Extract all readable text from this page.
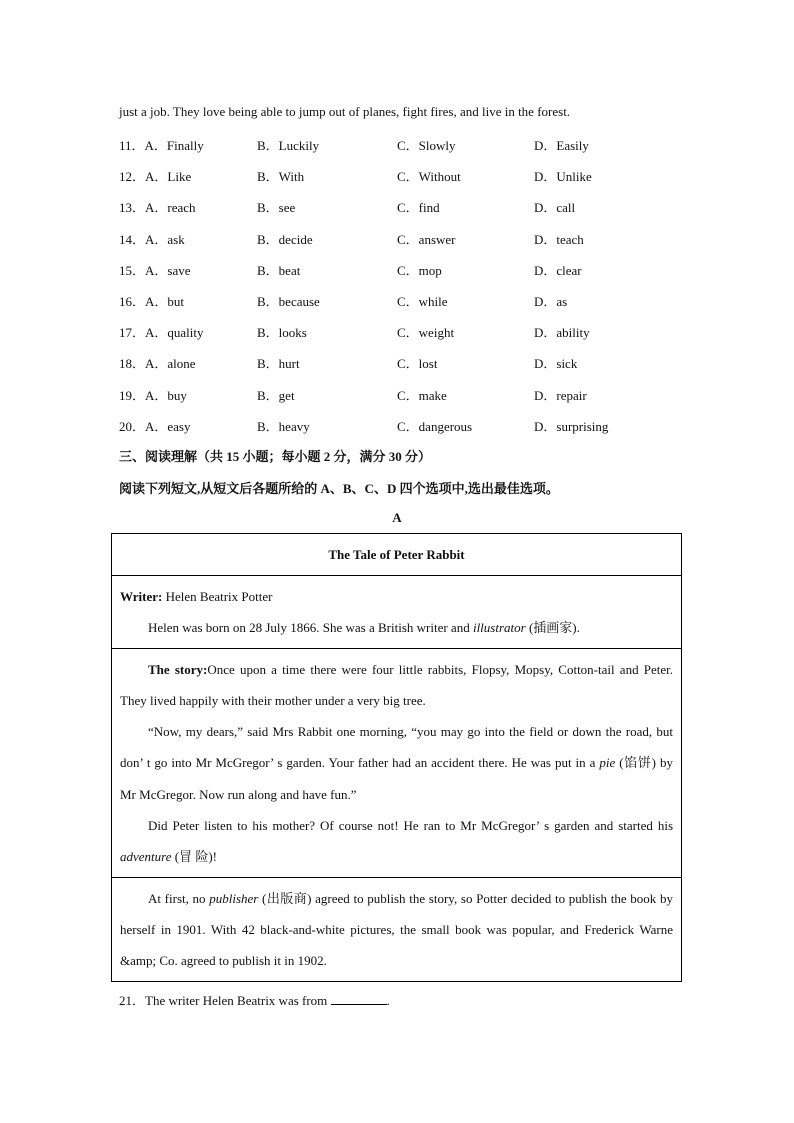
just a job. They love being able to jump out of planes, fight fires, and live in the forest.
11．A．Finally	B．Luckily	C．Slowly	D．Easily
12．A．Like	B．With	C．Without	D．Unlike
13．A．reach	B．see	C．find	D．call
14．A．ask	B．decide	C．answer	D．teach
15．A．save	B．beat	C．mop	D．clear
16．A．but	B．because	C．while	D．as
17．A．quality	B．looks	C．weight	D．ability
18．A．alone	B．hurt	C．lost	D．sick
19．A．buy	B．get	C．make	D．repair
20．A．easy	B．heavy	C．dangerous	D．surprising
三、阅读理解（共 15 小题；每小题 2 分，满分 30 分）
阅读下列短文,从短文后各题所给的 A、B、C、D 四个选项中,选出最佳选项。
A
The Tale of Peter Rabbit

Writer: Helen Beatrix Potter

Helen was born on 28 July 1866. She was a British writer and illustrator (插画家).

The story:Once upon a time there were four little rabbits, Flopsy, Mopsy, Cotton-tail and Peter. They lived happily with their mother under a very big tree.

“Now, my dears,” said Mrs Rabbit one morning, “you may go into the field or down the road, but don’ t go into Mr McGregor’ s garden. Your father had an accident there. He was put in a pie (馅饼) by Mr McGregor. Now run along and have fun.”

Did Peter listen to his mother? Of course not! He ran to Mr McGregor’ s garden and started his adventure (冒 险)!

At first, no publisher (出版商) agreed to publish the story, so Potter decided to publish the book by herself in 1901. With 42 black-and-white pictures, the small book was popular, and Frederick Warne &amp; Co. agreed to publish it in 1902.

21．The writer Helen Beatrix was from	.
